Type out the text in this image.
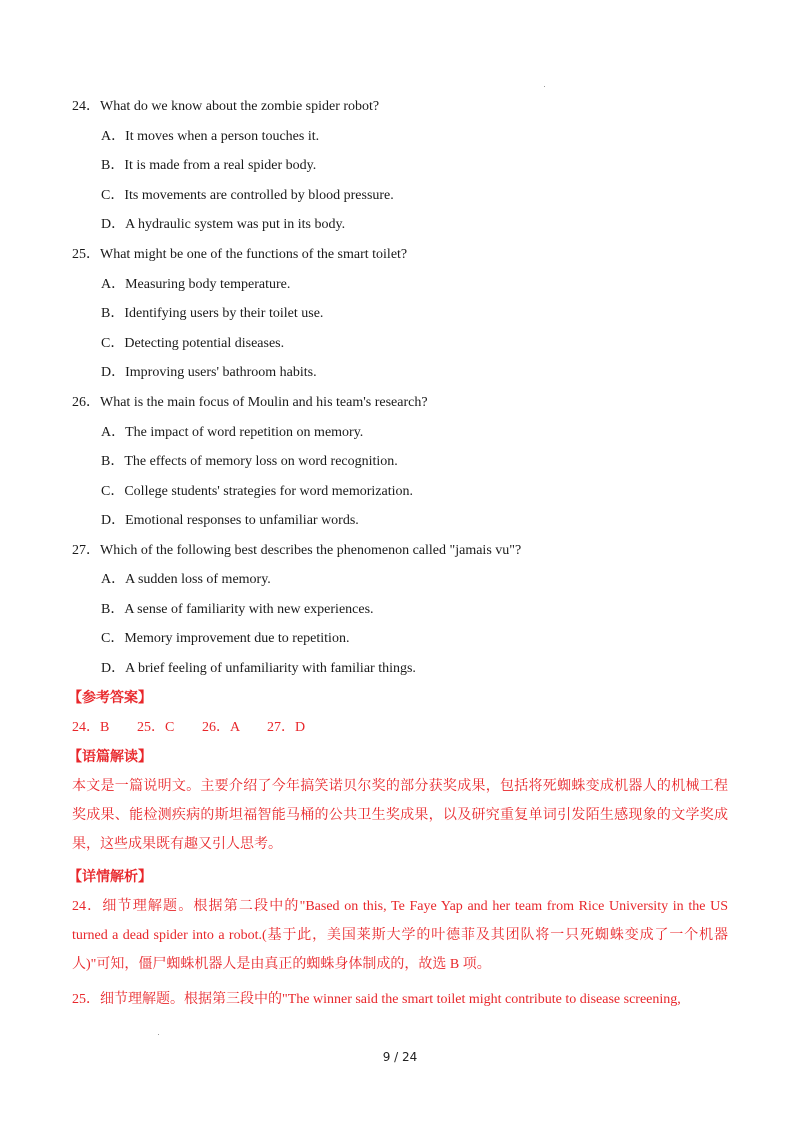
24．What do we know about the zombie spider robot?
A．It moves when a person touches it.
B．It is made from a real spider body.
C．Its movements are controlled by blood pressure.
D．A hydraulic system was put in its body.
25．What might be one of the functions of the smart toilet?
A．Measuring body temperature.
B．Identifying users by their toilet use.
C．Detecting potential diseases.
D．Improving users' bathroom habits.
26．What is the main focus of Moulin and his team's research?
A．The impact of word repetition on memory.
B．The effects of memory loss on word recognition.
C．College students' strategies for word memorization.
D．Emotional responses to unfamiliar words.
27．Which of the following best describes the phenomenon called "jamais vu"?
A．A sudden loss of memory.
B．A sense of familiarity with new experiences.
C．Memory improvement due to repetition.
D．A brief feeling of unfamiliarity with familiar things.
【参考答案】
24．B 25．C 26．A 27．D
【语篇解读】
本文是一篇说明文。主要介绍了今年搞笑诺贝尔奖的部分获奖成果，包括将死蜘蛛变成机器人的机械工程奖成果、能检测疾病的斯坦福智能马桶的公共卫生奖成果，以及研究重复单词引发陌生感现象的文学奖成果，这些成果既有趣又引人思考。
【详情解析】
24．细节理解题。根据第二段中的"Based on this, Te Faye Yap and her team from Rice University in the US turned a dead spider into a robot.(基于此，美国莱斯大学的叶德菲及其团队将一只死蜘蛛变成了一个机器人)"可知，僵尸蜘蛛机器人是由真正的蜘蛛身体制成的，故选 B 项。
25．细节理解题。根据第三段中的"The winner said the smart toilet might contribute to disease screening,
9 / 24
